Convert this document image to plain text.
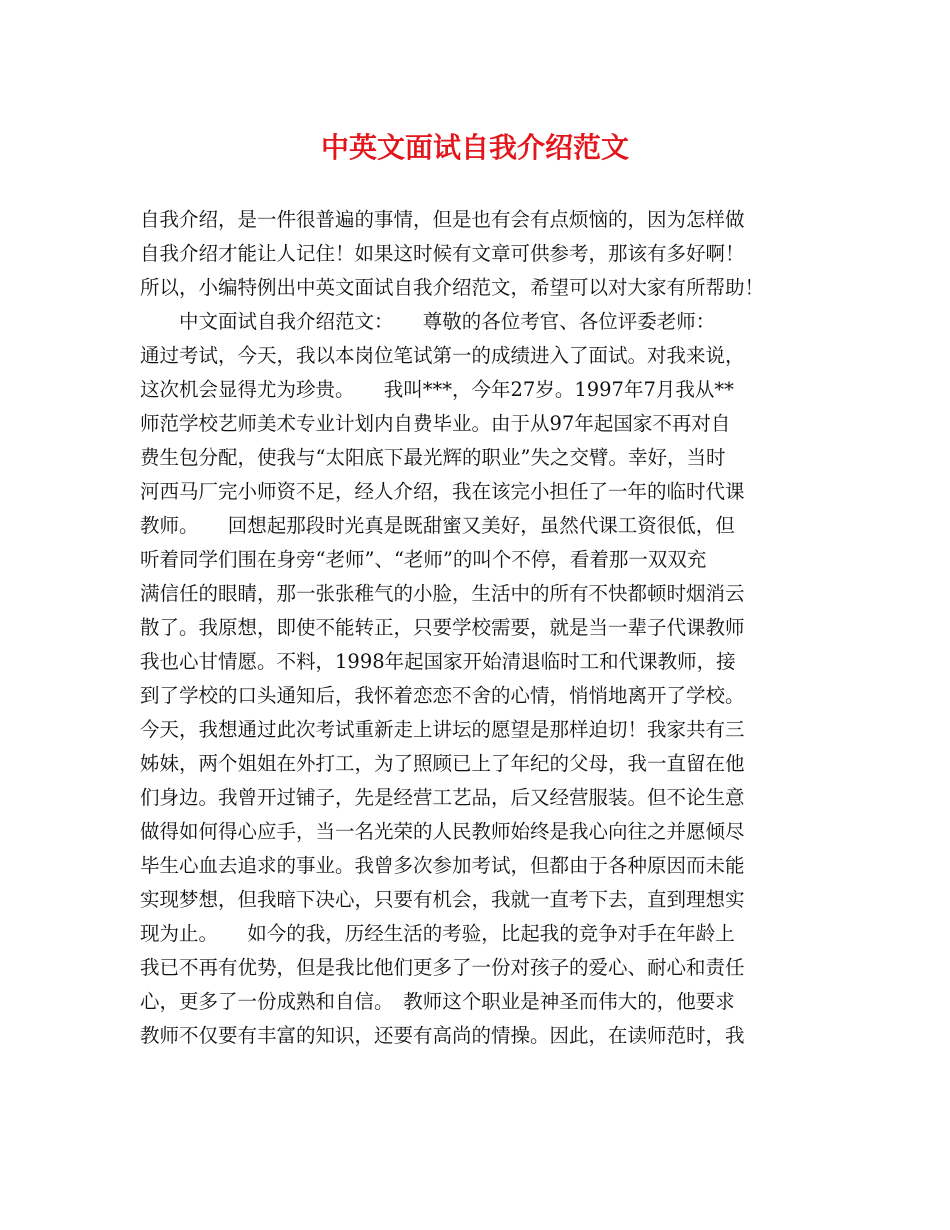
中英文面试自我介绍范文
自我介绍，是一件很普遍的事情，但是也有会有点烦恼的，因为怎样做
自我介绍才能让人记住！如果这时候有文章可供参考，那该有多好啊！
所以，小编特例出中英文面试自我介绍范文，希望可以对大家有所帮助！
　　中文面试自我介绍范文：　　尊敬的各位考官、各位评委老师：
通过考试，今天，我以本岗位笔试第一的成绩进入了面试。对我来说，
这次机会显得尤为珍贵。　　我叫***，今年27岁。1997年7月我从**
师范学校艺师美术专业计划内自费毕业。由于从97年起国家不再对自
费生包分配，使我与“太阳底下最光辉的职业”失之交臂。幸好，当时
河西马厂完小师资不足，经人介绍，我在该完小担任了一年的临时代课
教师。　　回想起那段时光真是既甜蜜又美好，虽然代课工资很低，但
听着同学们围在身旁“老师”、“老师”的叫个不停，看着那一双双充
满信任的眼睛，那一张张稚气的小脸，生活中的所有不快都顿时烟消云
散了。我原想，即使不能转正，只要学校需要，就是当一辈子代课教师
我也心甘情愿。不料，1998年起国家开始清退临时工和代课教师，接
到了学校的口头通知后，我怀着恋恋不舍的心情，悄悄地离开了学校。
今天，我想通过此次考试重新走上讲坛的愿望是那样迫切！我家共有三
姊妹，两个姐姐在外打工，为了照顾已上了年纪的父母，我一直留在他
们身边。我曾开过铺子，先是经营工艺品，后又经营服装。但不论生意
做得如何得心应手，当一名光荣的人民教师始终是我心向往之并愿倾尽
毕生心血去追求的事业。我曾多次参加考试，但都由于各种原因而未能
实现梦想，但我暗下决心，只要有机会，我就一直考下去，直到理想实
现为止。　　如今的我，历经生活的考验，比起我的竞争对手在年龄上
我已不再有优势，但是我比他们更多了一份对孩子的爱心、耐心和责任
心，更多了一份成熟和自信。　教师这个职业是神圣而伟大的，他要求
教师不仅要有丰富的知识，还要有高尚的情操。因此，在读师范时，我
